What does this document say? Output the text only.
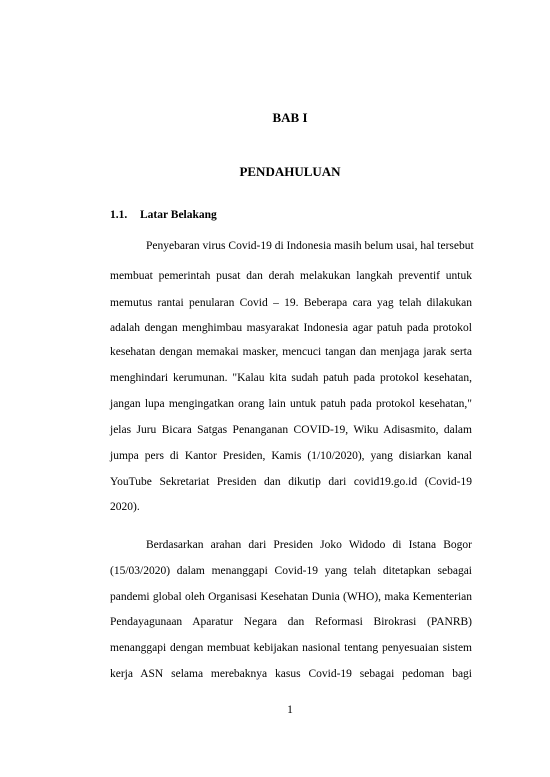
BAB I
PENDAHULUAN
1.1. Latar Belakang
Penyebaran virus Covid-19 di Indonesia masih belum usai, hal tersebut
membuat pemerintah pusat dan derah melakukan langkah preventif untuk
memutus rantai penularan Covid – 19. Beberapa cara yag telah dilakukan
adalah dengan menghimbau masyarakat Indonesia agar patuh pada protokol
kesehatan dengan memakai masker, mencuci tangan dan menjaga jarak serta
menghindari kerumunan. "Kalau kita sudah patuh pada protokol kesehatan,
jangan lupa mengingatkan orang lain untuk patuh pada protokol kesehatan,"
jelas Juru Bicara Satgas Penanganan COVID-19, Wiku Adisasmito, dalam
jumpa pers di Kantor Presiden, Kamis (1/10/2020), yang disiarkan kanal
YouTube Sekretariat Presiden dan dikutip dari covid19.go.id (Covid-19
2020).
Berdasarkan arahan dari Presiden Joko Widodo di Istana Bogor
(15/03/2020) dalam menanggapi Covid-19 yang telah ditetapkan sebagai
pandemi global oleh Organisasi Kesehatan Dunia (WHO), maka Kementerian
Pendayagunaan Aparatur Negara dan Reformasi Birokrasi (PANRB)
menanggapi dengan membuat kebijakan nasional tentang penyesuaian sistem
kerja ASN selama merebaknya kasus Covid-19 sebagai pedoman bagi
1
